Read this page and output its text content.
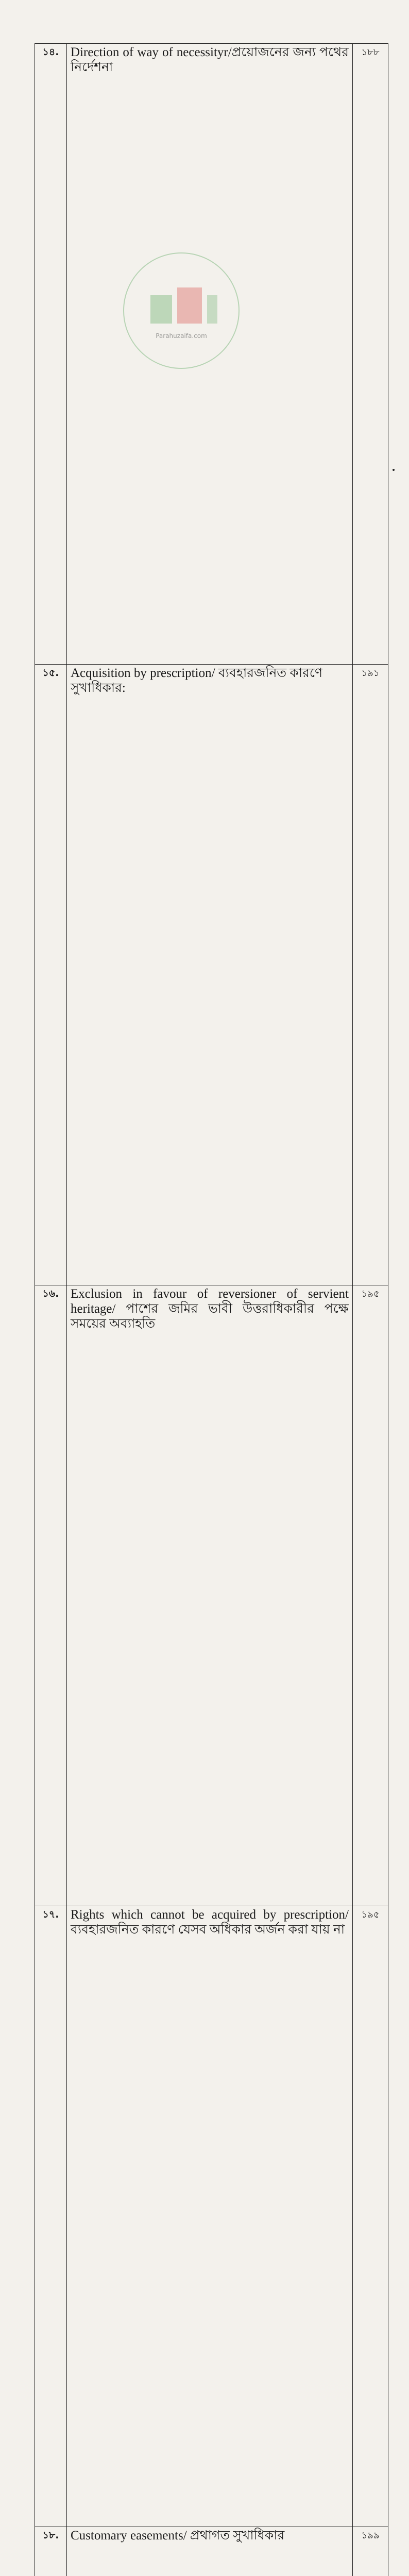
১৪.	Direction of way of necessityr/প্রয়োজনের জন্য পথের নির্দেশনা	১৮৮
১৫.	Acquisition by prescription/ ব্যবহারজনিত কারণে সুখাধিকার:	১৯১
১৬.	Exclusion in favour of reversioner of servient heritage/ পাশের জমির ভাবী উত্তরাধিকারীর পক্ষে সময়ের অব্যাহতি	১৯৫
১৭.	Rights which cannot be acquired by prescription/ব্যবহারজনিত কারণে যেসব অধিকার অর্জন করা যায় না	১৯৫
১৮.	Customary easements/ প্রথাগত সুখাধিকার	১৯৯

Parahuzaifa.com
